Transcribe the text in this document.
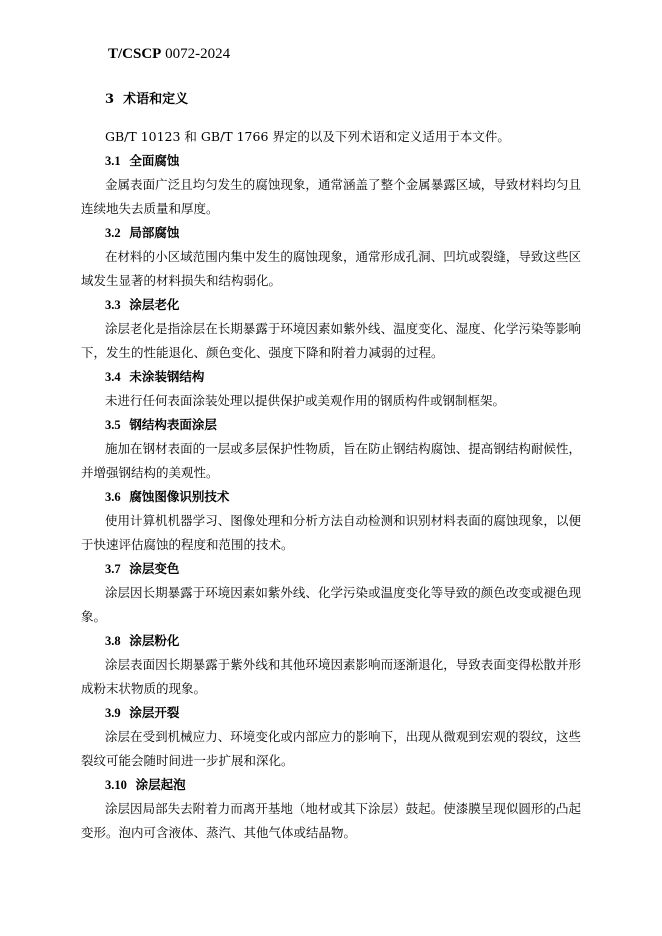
T/CSCP 0072-2024
3 术语和定义

GB/T 10123 和 GB/T 1766 界定的以及下列术语和定义适用于本文件。

3.1 全面腐蚀

金属表面广泛且均匀发生的腐蚀现象，通常涵盖了整个金属暴露区域，导致材料均匀且连续地失去质量和厚度。

3.2 局部腐蚀

在材料的小区域范围内集中发生的腐蚀现象，通常形成孔洞、凹坑或裂缝，导致这些区域发生显著的材料损失和结构弱化。

3.3 涂层老化

涂层老化是指涂层在长期暴露于环境因素如紫外线、温度变化、湿度、化学污染等影响下，发生的性能退化、颜色变化、强度下降和附着力减弱的过程。

3.4 未涂装钢结构

未进行任何表面涂装处理以提供保护或美观作用的钢质构件或钢制框架。

3.5 钢结构表面涂层

施加在钢材表面的一层或多层保护性物质，旨在防止钢结构腐蚀、提高钢结构耐候性，并增强钢结构的美观性。

3.6 腐蚀图像识别技术

使用计算机机器学习、图像处理和分析方法自动检测和识别材料表面的腐蚀现象，以便于快速评估腐蚀的程度和范围的技术。

3.7 涂层变色

涂层因长期暴露于环境因素如紫外线、化学污染或温度变化等导致的颜色改变或褪色现象。

3.8 涂层粉化

涂层表面因长期暴露于紫外线和其他环境因素影响而逐渐退化，导致表面变得松散并形成粉末状物质的现象。

3.9 涂层开裂

涂层在受到机械应力、环境变化或内部应力的影响下，出现从微观到宏观的裂纹，这些裂纹可能会随时间进一步扩展和深化。

3.10 涂层起泡

涂层因局部失去附着力而离开基地（地材或其下涂层）鼓起。使漆膜呈现似圆形的凸起变形。泡内可含液体、蒸汽、其他气体或结晶物。
